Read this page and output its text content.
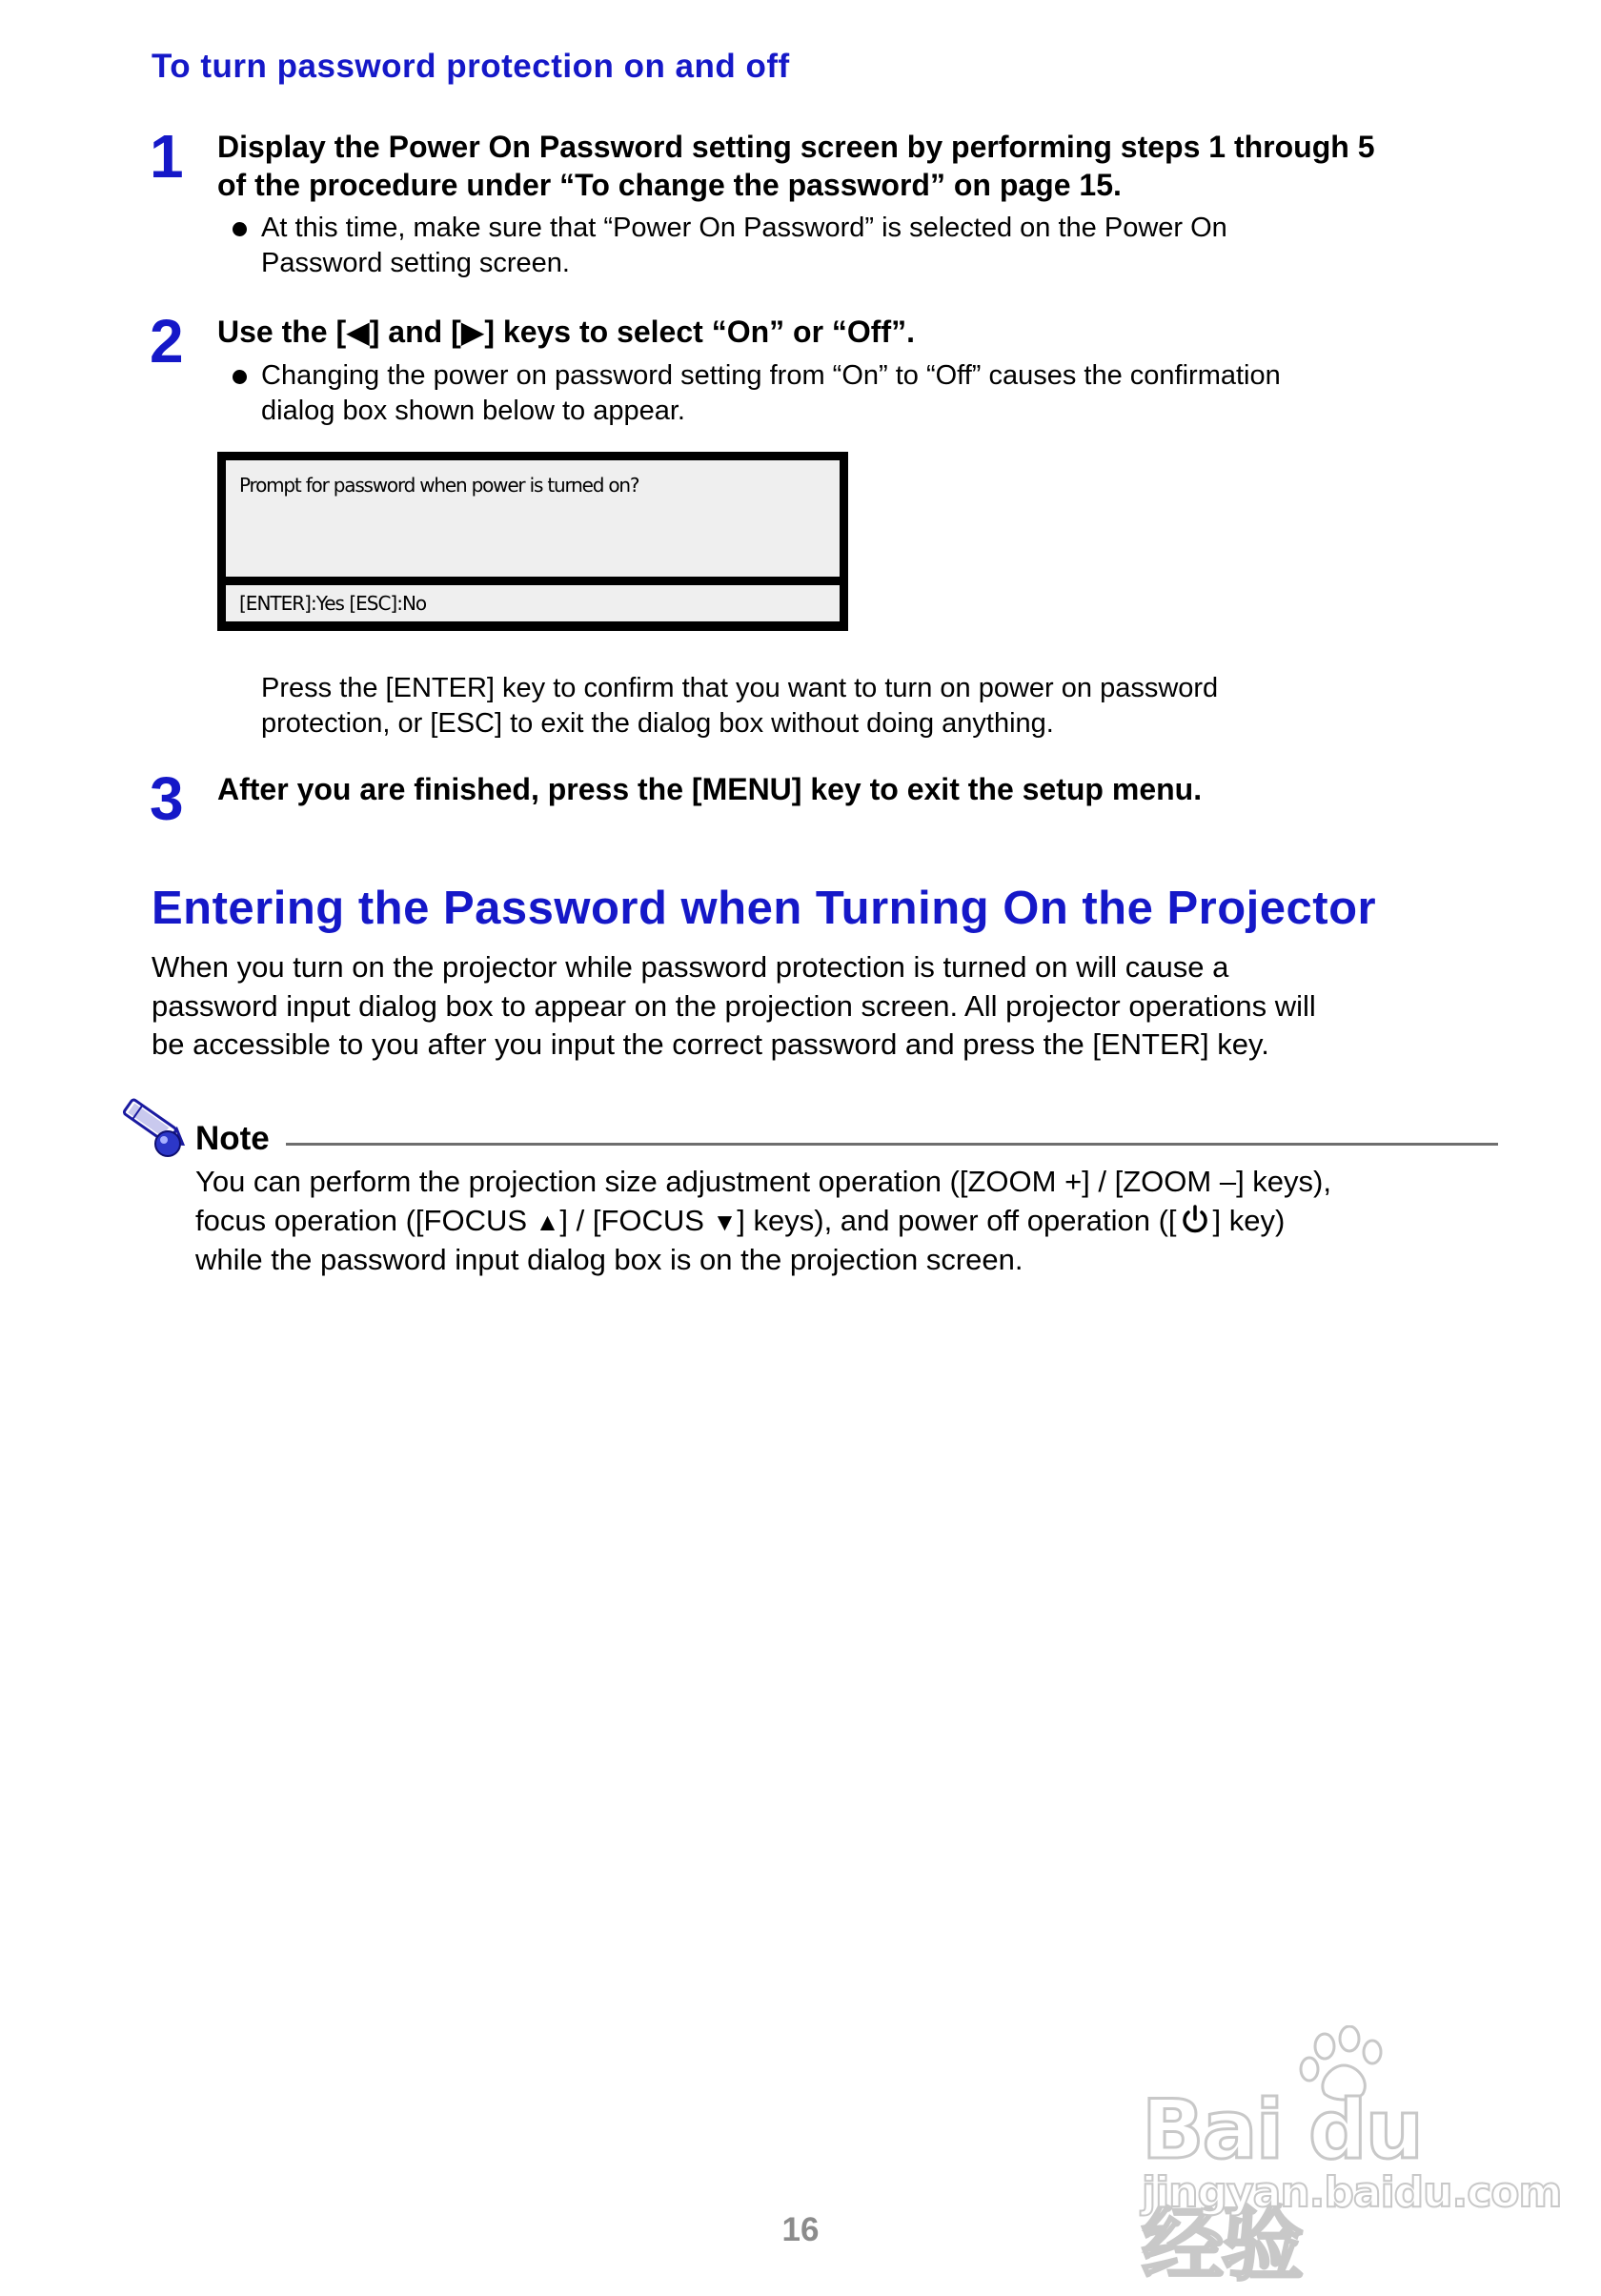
To turn password protection on and off
1 Display the Power On Password setting screen by performing steps 1 through 5
of the procedure under “To change the password” on page 15.
At this time, make sure that “Power On Password” is selected on the Power On
Password setting screen.
2 Use the [◀] and [▶] keys to select “On” or “Off”.
Changing the power on password setting from “On” to “Off” causes the confirmation
dialog box shown below to appear.
Prompt for password when power is turned on?
[ENTER]:Yes [ESC]:No
Press the [ENTER] key to confirm that you want to turn on power on password
protection, or [ESC] to exit the dialog box without doing anything.
3 After you are finished, press the [MENU] key to exit the setup menu.
Entering the Password when Turning On the Projector
When you turn on the projector while password protection is turned on will cause a
password input dialog box to appear on the projection screen. All projector operations will
be accessible to you after you input the correct password and press the [ENTER] key.
Note
You can perform the projection size adjustment operation ([ZOOM +] / [ZOOM –] keys),
focus operation ([FOCUS ▲] / [FOCUS ▼] keys), and power off operation ([ ] key)
while the password input dialog box is on the projection screen.
Bai du 经验
jingyan.baidu.com
16
